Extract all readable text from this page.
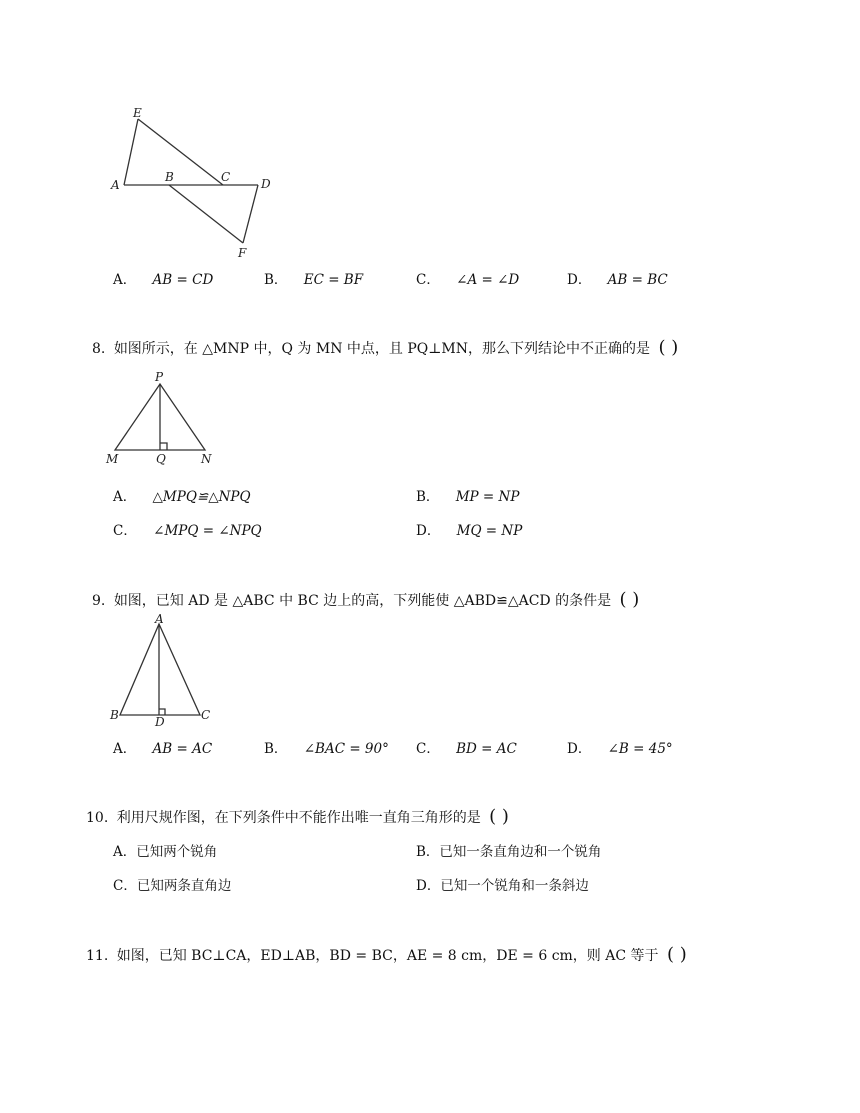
E
A
B	C	D
F
A． AB = CD	B． EC = BF	C． ∠A = ∠D	D． AB = BC
8. 如图所示，在 △MNP 中，Q 为 MN 中点，且 PQ⊥MN，那么下列结论中不正确的是 ( )
P
M	Q	N
A． △MPQ≌△NPQ	B． MP = NP
C． ∠MPQ = ∠NPQ	D． MQ = NP
9. 如图，已知 AD 是 △ABC 中 BC 边上的高，下列能使 △ABD≌△ACD 的条件是 ( )
A
B	D	C
A． AB = AC	B． ∠BAC = 90° C． BD = AC	D． ∠B = 45°
10. 利用尺规作图，在下列条件中不能作出唯一直角三角形的是 ( )
A．已知两个锐角	B．已知一条直角边和一个锐角
C．已知两条直角边	D．已知一个锐角和一条斜边
11. 如图，已知 BC⊥CA，ED⊥AB，BD = BC，AE = 8 cm，DE = 6 cm，则 AC 等于 ( )
